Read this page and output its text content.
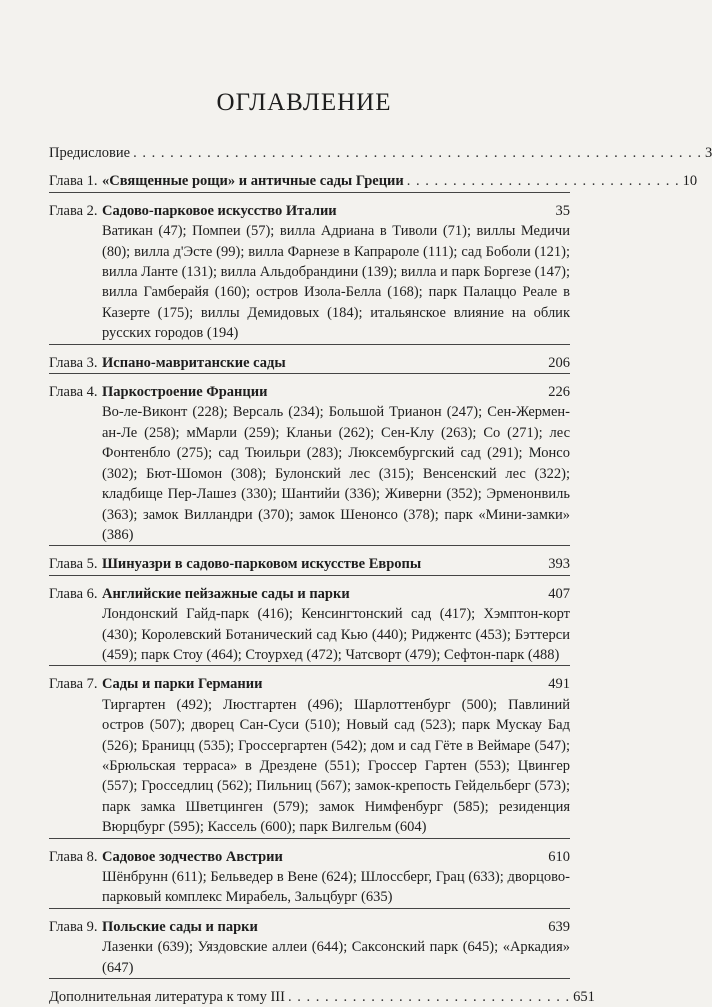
ОГЛАВЛЕНИЕ
Предисловие . . . . . . . . . . . . . . . . . . . . . . . . . . . . . . . . . . . . . . . . . . . . . . . . . . . . . . . . . . . . . . 3
Глава 1. «Священные рощи» и античные сады Греции . . . . . . . . . . . . . . . . . . . . . . . . . . . . . . 10
Глава 2. Садово-парковое искусство Италии	35
Ватикан (47); Помпеи (57); вилла Адриана в Тиволи (71); виллы Медичи (80); вилла д'Эсте (99); вилла Фарнезе в Капрароле (111); сад Боболи (121); вилла Ланте (131); вилла Альдобрандини (139); вилла и парк Боргезе (147); вилла Гамберайя (160); остров Изола-Белла (168); парк Палаццо Реале в Казерте (175); виллы Демидовых (184); итальянское влияние на облик русских городов (194)
Глава 3. Испано-мавританские сады	206
Глава 4. Паркостроение Франции	226
Во-ле-Виконт (228); Версаль (234); Большой Трианон (247); Сен-Жермен-ан-Ле (258); мМарли (259); Кланьи (262); Сен-Клу (263); Со (271); лес Фонтенбло (275); сад Тюильри (283); Люксембургский сад (291); Монсо (302); Бют-Шомон (308); Булонский лес (315); Венсенский лес (322); кладбище Пер-Лашез (330); Шантийи (336); Живерни (352); Эрменонвиль (363); замок Вилландри (370); замок Шенонсо (378); парк «Мини-замки» (386)
Глава 5. Шинуазри в садово-парковом искусстве Европы	393
Глава 6. Английские пейзажные сады и парки	407
Лондонский Гайд-парк (416); Кенсингтонский сад (417); Хэмптон-корт (430); Королевский Ботанический сад Кью (440); Риджентс (453); Бэттерси (459); парк Стоу (464); Стоурхед (472); Чатсворт (479); Сефтон-парк (488)
Глава 7. Сады и парки Германии	491
Тиргартен (492); Люстгартен (496); Шарлоттенбург (500); Павлиний остров (507); дворец Сан-Суси (510); Новый сад (523); парк Мускау Бад (526); Браницц (535); Гроссергартен (542); дом и сад Гёте в Веймаре (547); «Брюльская терраса» в Дрездене (551); Гроссер Гартен (553); Цвингер (557); Гросседлиц (562); Пильниц (567); замок-крепость Гейдельберг (573); парк замка Шветцинген (579); замок Нимфенбург (585); резиденция Вюрцбург (595); Кассель (600); парк Вилгельм (604)
Глава 8. Садовое зодчество Австрии	610
Шёнбрунн (611); Бельведер в Вене (624); Шлоссберг, Грац (633); дворцово-парковый комплекс Мирабель, Зальцбург (635)
Глава 9. Польские сады и парки	639
Лазенки (639); Уяздовские аллеи (644); Саксонский парк (645); «Аркадия» (647)
Дополнительная литература к тому III . . . . . . . . . . . . . . . . . . . . . . . . . . . . . . . 651
